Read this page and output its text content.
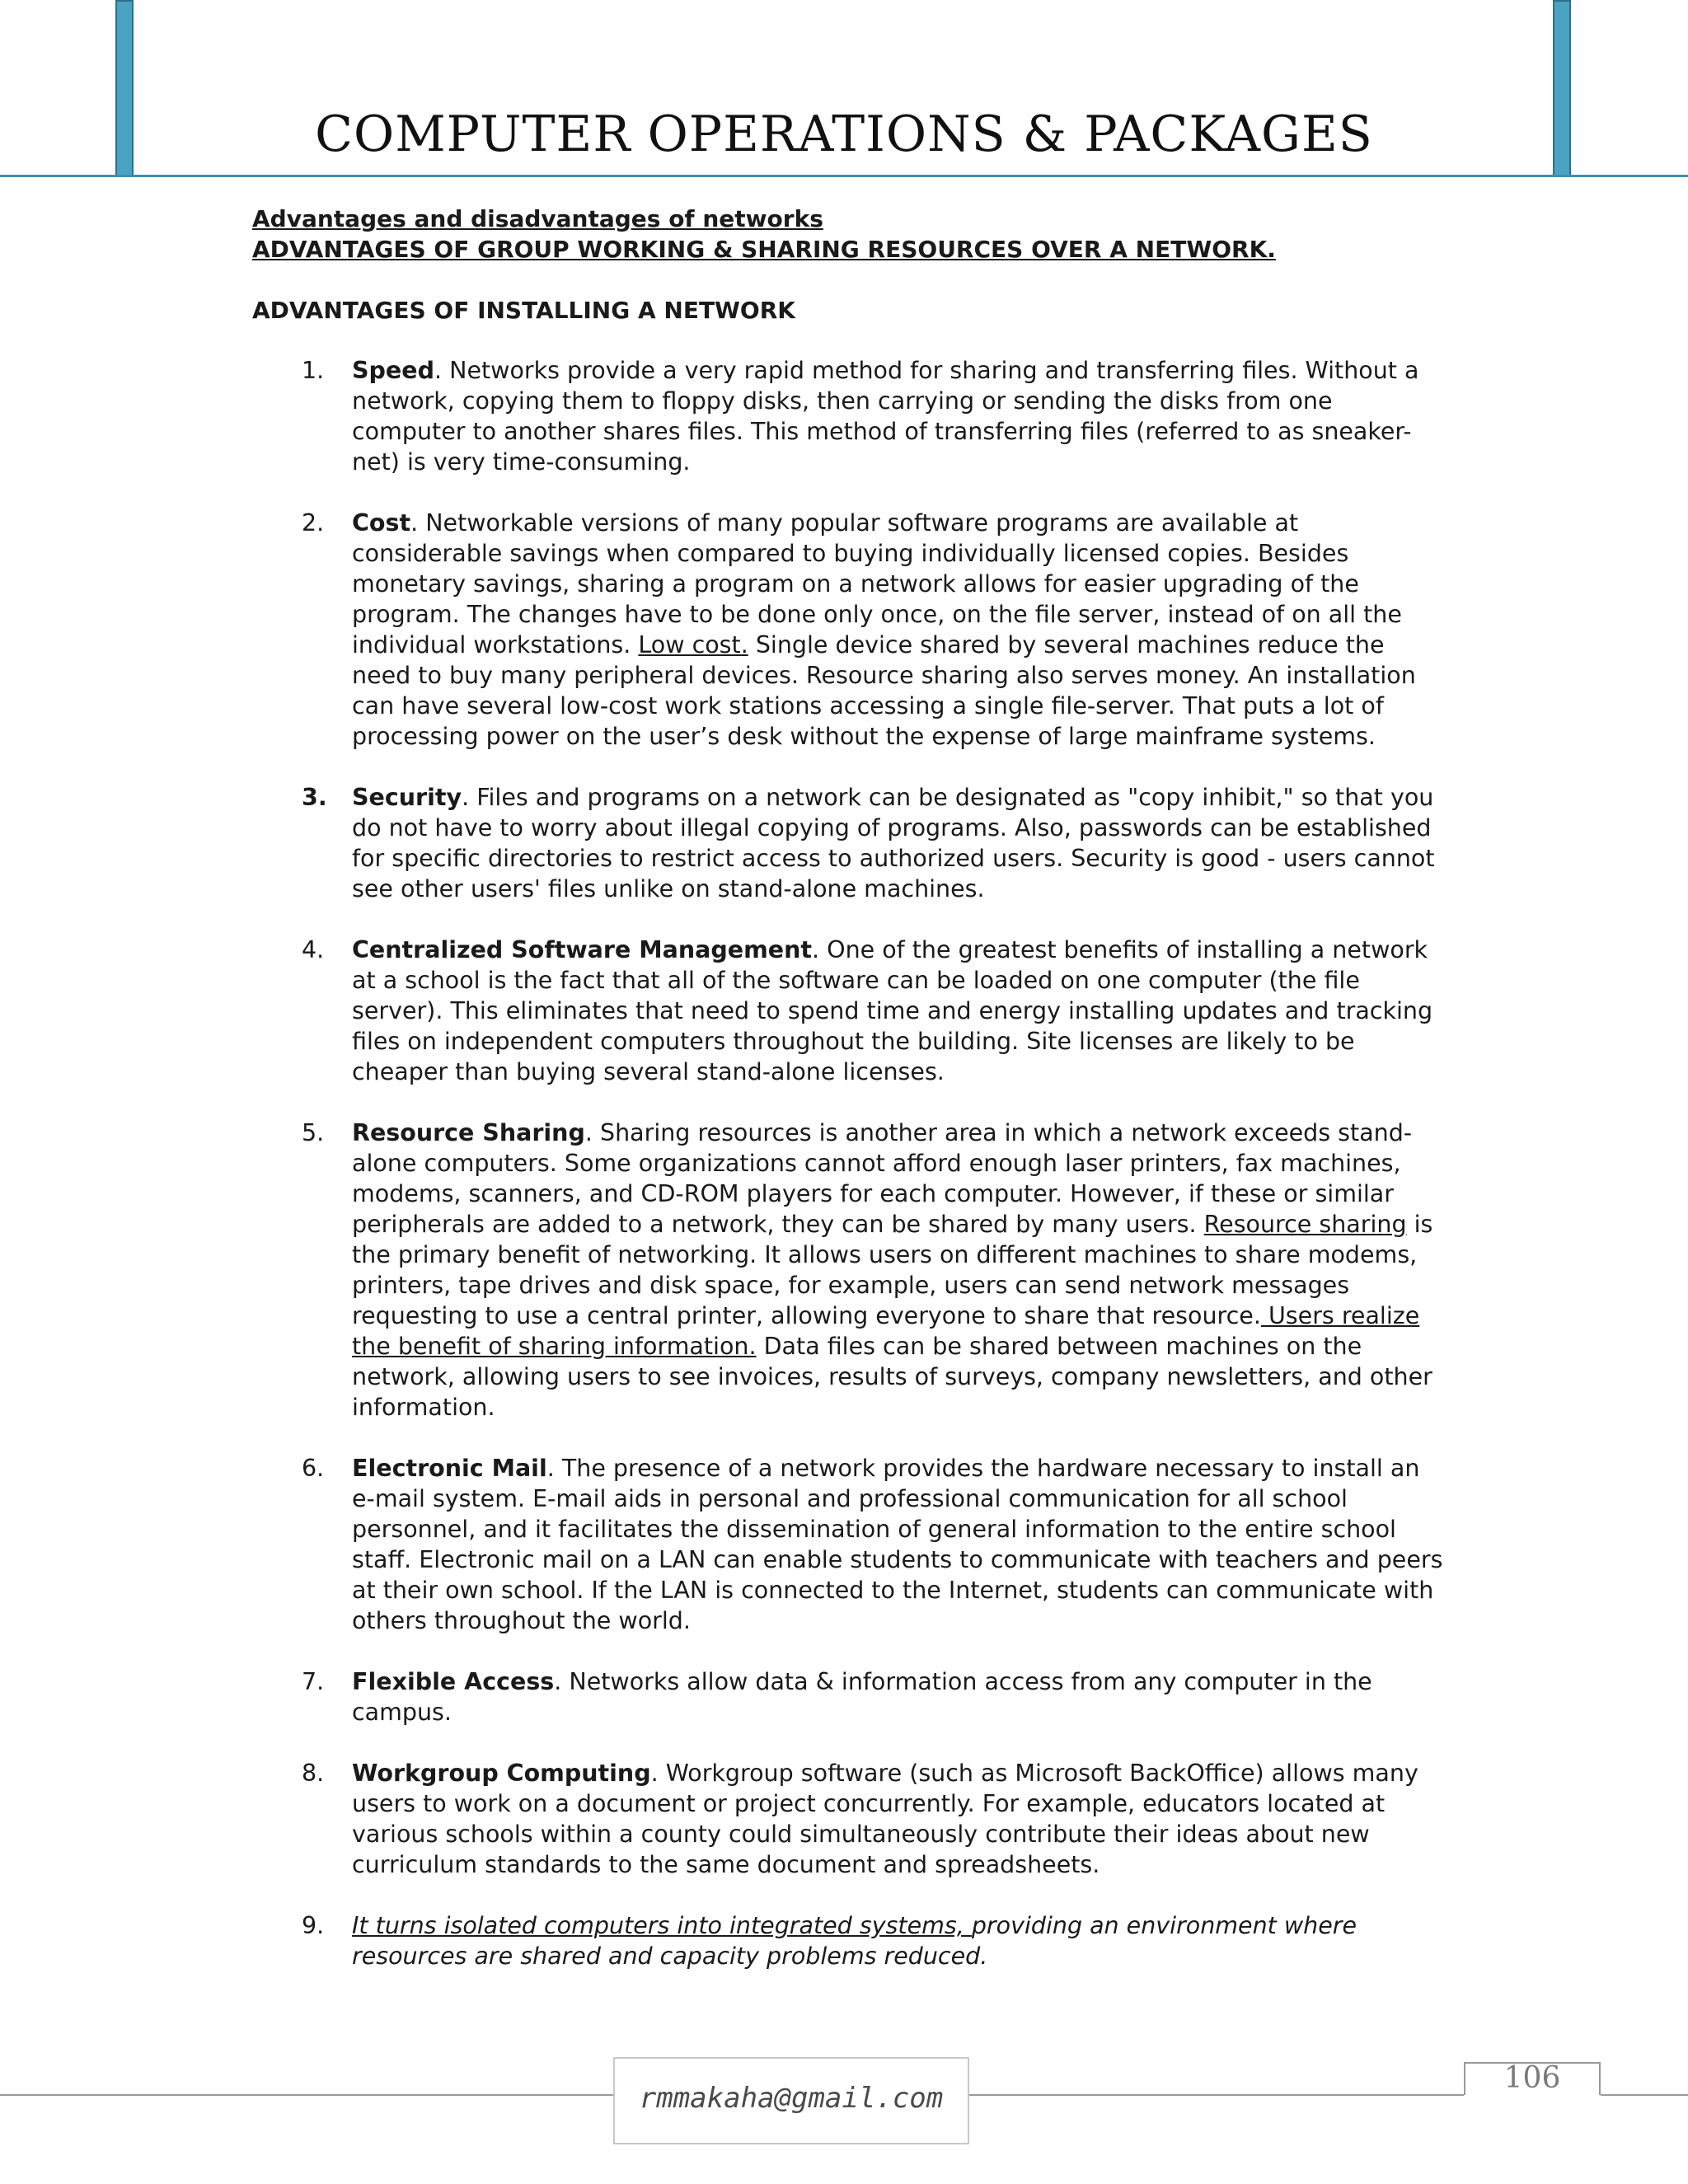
COMPUTER OPERATIONS & PACKAGES
Advantages and disadvantages of networks
ADVANTAGES OF GROUP WORKING & SHARING RESOURCES OVER A NETWORK.
ADVANTAGES OF INSTALLING A NETWORK
1. Speed. Networks provide a very rapid method for sharing and transferring files. Without a network, copying them to floppy disks, then carrying or sending the disks from one computer to another shares files. This method of transferring files (referred to as sneaker-net) is very time-consuming.
2. Cost. Networkable versions of many popular software programs are available at considerable savings when compared to buying individually licensed copies. Besides monetary savings, sharing a program on a network allows for easier upgrading of the program. The changes have to be done only once, on the file server, instead of on all the individual workstations. Low cost. Single device shared by several machines reduce the need to buy many peripheral devices. Resource sharing also serves money. An installation can have several low-cost work stations accessing a single file-server. That puts a lot of processing power on the user’s desk without the expense of large mainframe systems.
3. Security. Files and programs on a network can be designated as "copy inhibit," so that you do not have to worry about illegal copying of programs. Also, passwords can be established for specific directories to restrict access to authorized users. Security is good - users cannot see other users' files unlike on stand-alone machines.
4. Centralized Software Management. One of the greatest benefits of installing a network at a school is the fact that all of the software can be loaded on one computer (the file server). This eliminates that need to spend time and energy installing updates and tracking files on independent computers throughout the building. Site licenses are likely to be cheaper than buying several stand-alone licenses.
5. Resource Sharing. Sharing resources is another area in which a network exceeds stand-alone computers. Some organizations cannot afford enough laser printers, fax machines, modems, scanners, and CD-ROM players for each computer. However, if these or similar peripherals are added to a network, they can be shared by many users. Resource sharing is the primary benefit of networking. It allows users on different machines to share modems, printers, tape drives and disk space, for example, users can send network messages requesting to use a central printer, allowing everyone to share that resource. Users realize the benefit of sharing information. Data files can be shared between machines on the network, allowing users to see invoices, results of surveys, company newsletters, and other information.
6. Electronic Mail. The presence of a network provides the hardware necessary to install an e-mail system. E-mail aids in personal and professional communication for all school personnel, and it facilitates the dissemination of general information to the entire school staff. Electronic mail on a LAN can enable students to communicate with teachers and peers at their own school. If the LAN is connected to the Internet, students can communicate with others throughout the world.
7. Flexible Access. Networks allow data & information access from any computer in the campus.
8. Workgroup Computing. Workgroup software (such as Microsoft BackOffice) allows many users to work on a document or project concurrently. For example, educators located at various schools within a county could simultaneously contribute their ideas about new curriculum standards to the same document and spreadsheets.
9. It turns isolated computers into integrated systems, providing an environment where resources are shared and capacity problems reduced.
rmmakaha@gmail.com
106
